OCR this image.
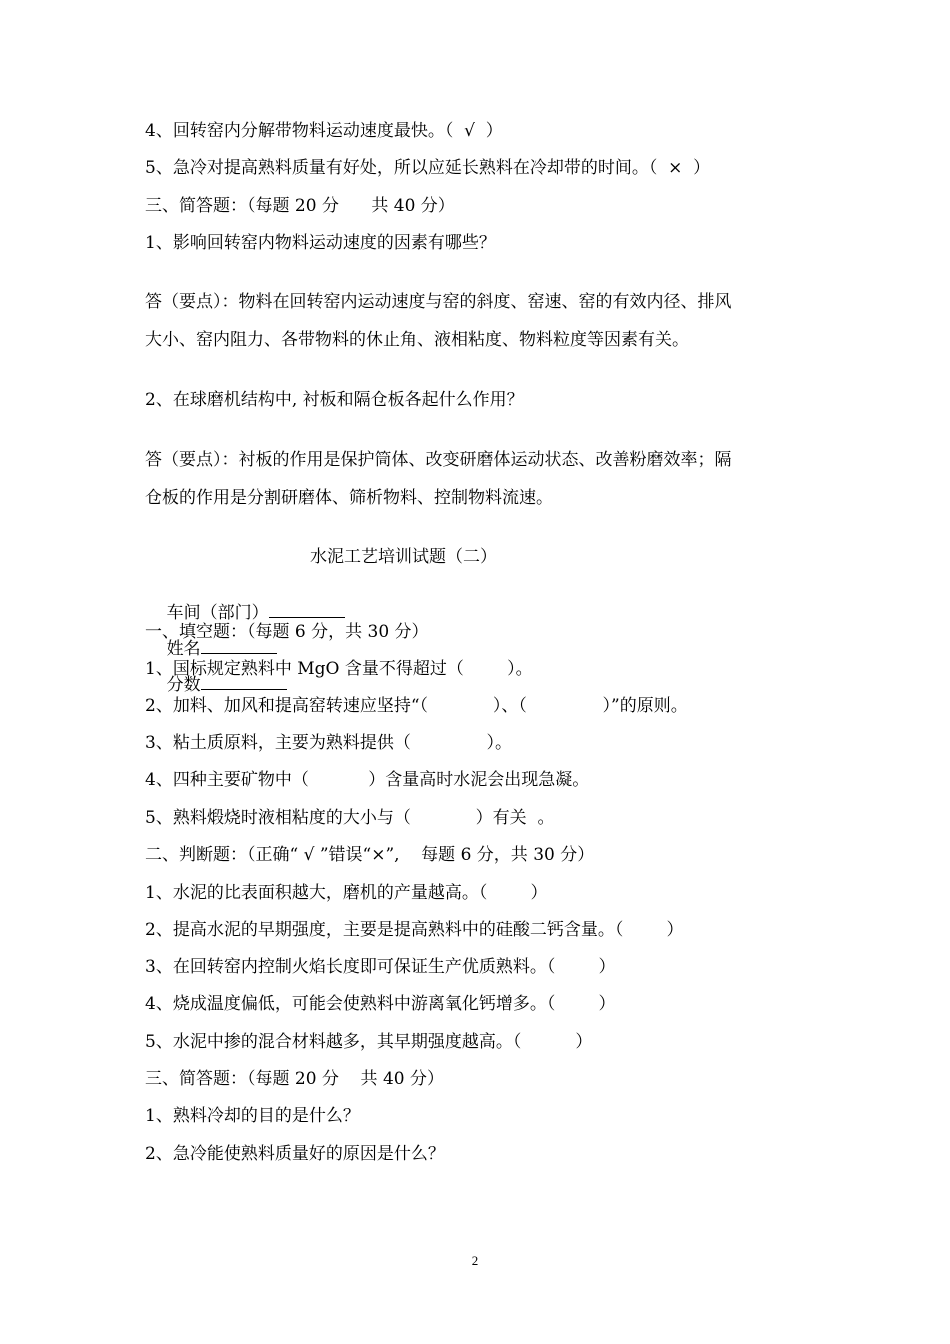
4、回转窑内分解带物料运动速度最快。（  √  ）
5、急冷对提高熟料质量有好处，所以应延长熟料在冷却带的时间。（  ×  ）
三、简答题：（每题 20 分      共 40 分）
1、影响回转窑内物料运动速度的因素有哪些？
答（要点）：物料在回转窑内运动速度与窑的斜度、窑速、窑的有效内径、排风
大小、窑内阻力、各带物料的休止角、液相粘度、物料粒度等因素有关。
2、在球磨机结构中, 衬板和隔仓板各起什么作用？
答（要点）：衬板的作用是保护筒体、改变研磨体运动状态、改善粉磨效率；隔
仓板的作用是分割研磨体、筛析物料、控制物料流速。
水泥工艺培训试题（二）

车间（部门）

姓名

分数

一、填空题：（每题 6 分，共 30 分）
1、国标规定熟料中 MgO 含量不得超过（        ）。
2、加料、加风和提高窑转速应坚持“（            ）、（              ）”的原则。
3、粘土质原料，主要为熟料提供（              ）。
4、四种主要矿物中（           ）含量高时水泥会出现急凝。
5、熟料煅烧时液相粘度的大小与（            ）有关  。
二、判断题：（正确“ √ ”错误“×”,    每题 6 分，共 30 分）
1、水泥的比表面积越大，磨机的产量越高。（        ）
2、提高水泥的早期强度，主要是提高熟料中的硅酸二钙含量。（        ）
3、在回转窑内控制火焰长度即可保证生产优质熟料。（        ）
4、烧成温度偏低，可能会使熟料中游离氧化钙增多。（        ）
5、水泥中掺的混合材料越多，其早期强度越高。（          ）
三、简答题：（每题 20 分    共 40 分）
1、熟料冷却的目的是什么？
2、急冷能使熟料质量好的原因是什么？
2
